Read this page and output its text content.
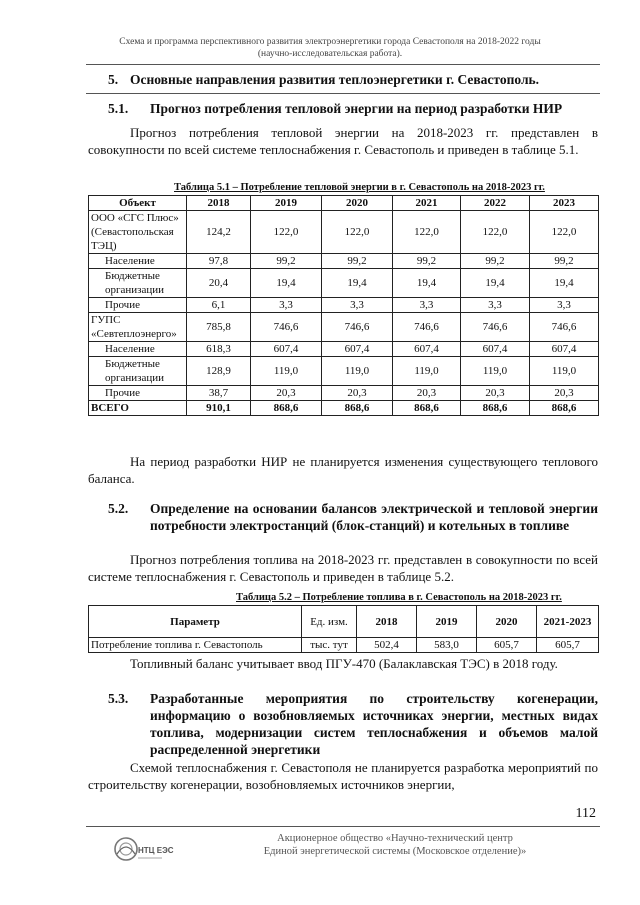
Схема и программа перспективного развития электроэнергетики города Севастополя на 2018-2022 годы
(научно-исследовательская работа).
5. Основные направления развития теплоэнергетики г. Севастополь.
5.1. Прогноз потребления тепловой энергии на период разработки НИР
Прогноз потребления тепловой энергии на 2018-2023 гг. представлен в совокупности по всей системе теплоснабжения г. Севастополь и приведен в таблице 5.1.
Таблица 5.1 – Потребление тепловой энергии в г. Севастополь на 2018-2023 гг.
Объект	2018	2019	2020	2021	2022	2023
ООО «СГС Плюс» (Севастопольская ТЭЦ)	124,2	122,0	122,0	122,0	122,0	122,0
Население	97,8	99,2	99,2	99,2	99,2	99,2
Бюджетные организации	20,4	19,4	19,4	19,4	19,4	19,4
Прочие	6,1	3,3	3,3	3,3	3,3	3,3
ГУПС «Севтеплоэнерго»	785,8	746,6	746,6	746,6	746,6	746,6
Население	618,3	607,4	607,4	607,4	607,4	607,4
Бюджетные организации	128,9	119,0	119,0	119,0	119,0	119,0
Прочие	38,7	20,3	20,3	20,3	20,3	20,3
ВСЕГО	910,1	868,6	868,6	868,6	868,6	868,6
На период разработки НИР не планируется изменения существующего теплового баланса.
5.2. Определение на основании балансов электрической и тепловой энергии потребности электростанций (блок-станций) и котельных в топливе
Прогноз потребления топлива на 2018-2023 гг. представлен в совокупности по всей системе теплоснабжения г. Севастополь и приведен в таблице 5.2.
Таблица 5.2 – Потребление топлива в г. Севастополь на 2018-2023 гг.
Параметр	Ед. изм.	2018	2019	2020	2021-2023
Потребление топлива г. Севастополь	тыс. тут	502,4	583,0	605,7	605,7
Топливный баланс учитывает ввод ПГУ-470 (Балаклавская ТЭС) в 2018 году.
5.3. Разработанные мероприятия по строительству когенерации, информацию о возобновляемых источниках энергии, местных видах топлива, модернизации систем теплоснабжения и объемов малой распределенной энергетики
Схемой теплоснабжения г. Севастополя не планируется разработка мероприятий по строительству когенерации, возобновляемых источников энергии,
112
НТЦ ЕЭС
Акционерное общество «Научно-технический центр
Единой энергетической системы (Московское отделение)»
